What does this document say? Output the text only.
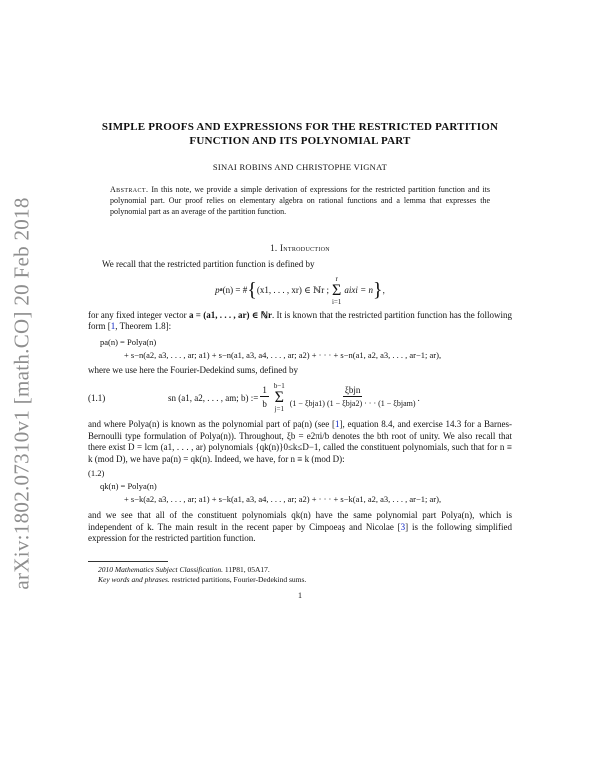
arXiv:1802.07310v1 [math.CO] 20 Feb 2018
SIMPLE PROOFS AND EXPRESSIONS FOR THE RESTRICTED PARTITION FUNCTION AND ITS POLYNOMIAL PART
SINAI ROBINS AND CHRISTOPHE VIGNAT
Abstract. In this note, we provide a simple derivation of expressions for the restricted partition function and its polynomial part. Our proof relies on elementary algebra on rational functions and a lemma that expresses the polynomial part as an average of the partition function.
1. Introduction

We recall that the restricted partition function is defined by

p a (n) = # { (x1, . . . , xr) ∈ ℕr ;
r
Σ
i=1
aixi = n } ,

for any fixed integer vector a = (a1, . . . , ar) ∈ ℕr. It is known that the restricted partition function has the following form [1, Theorem 1.8]:

pa(n) = Polya(n)
+ s−n(a2, a3, . . . , ar; a1) + s−n(a1, a3, a4, . . . , ar; a2) + · · · + s−n(a1, a2, a3, . . . , ar−1; ar),

where we use here the Fourier-Dedekind sums, defined by

(1.1)	sn (a1, a2, . . . , am; b) := $\frac{1}{b} b-1$
Σ
$j=1 \frac{\text{ξbjn}}{\text{(1 − ξbja1) (1 − ξbja2) · · · (1 − ξbjam)}}$ .

and where Polya(n) is known as the polynomial part of pa(n) (see [1], equation 8.4, and exercise 14.3 for a Barnes-Bernoulli type formulation of Polya(n)). Throughout, ξb = e2πi/b denotes the bth root of unity. We also recall that there exist D = lcm (a1, . . . , ar) polynomials {qk(n)}0≤k≤D−1, called the constituent polynomials, such that for n ≡ k (mod D), we have pa(n) = qk(n). Indeed, we have, for n ≡ k (mod D):

(1.2)
qk(n) = Polya(n)
+ s−k(a2, a3, . . . , ar; a1) + s−k(a1, a3, a4, . . . , ar; a2) + · · · + s−k(a1, a2, a3, . . . , ar−1; ar),

and we see that all of the constituent polynomials qk(n) have the same polynomial part Polya(n), which is independent of k. The main result in the recent paper by Cimpoeaş and Nicolae [3] is the following simplified expression for the restricted partition function.

2010 Mathematics Subject Classification. 11P81, 05A17.
Key words and phrases. restricted partitions, Fourier-Dedekind sums.
1
